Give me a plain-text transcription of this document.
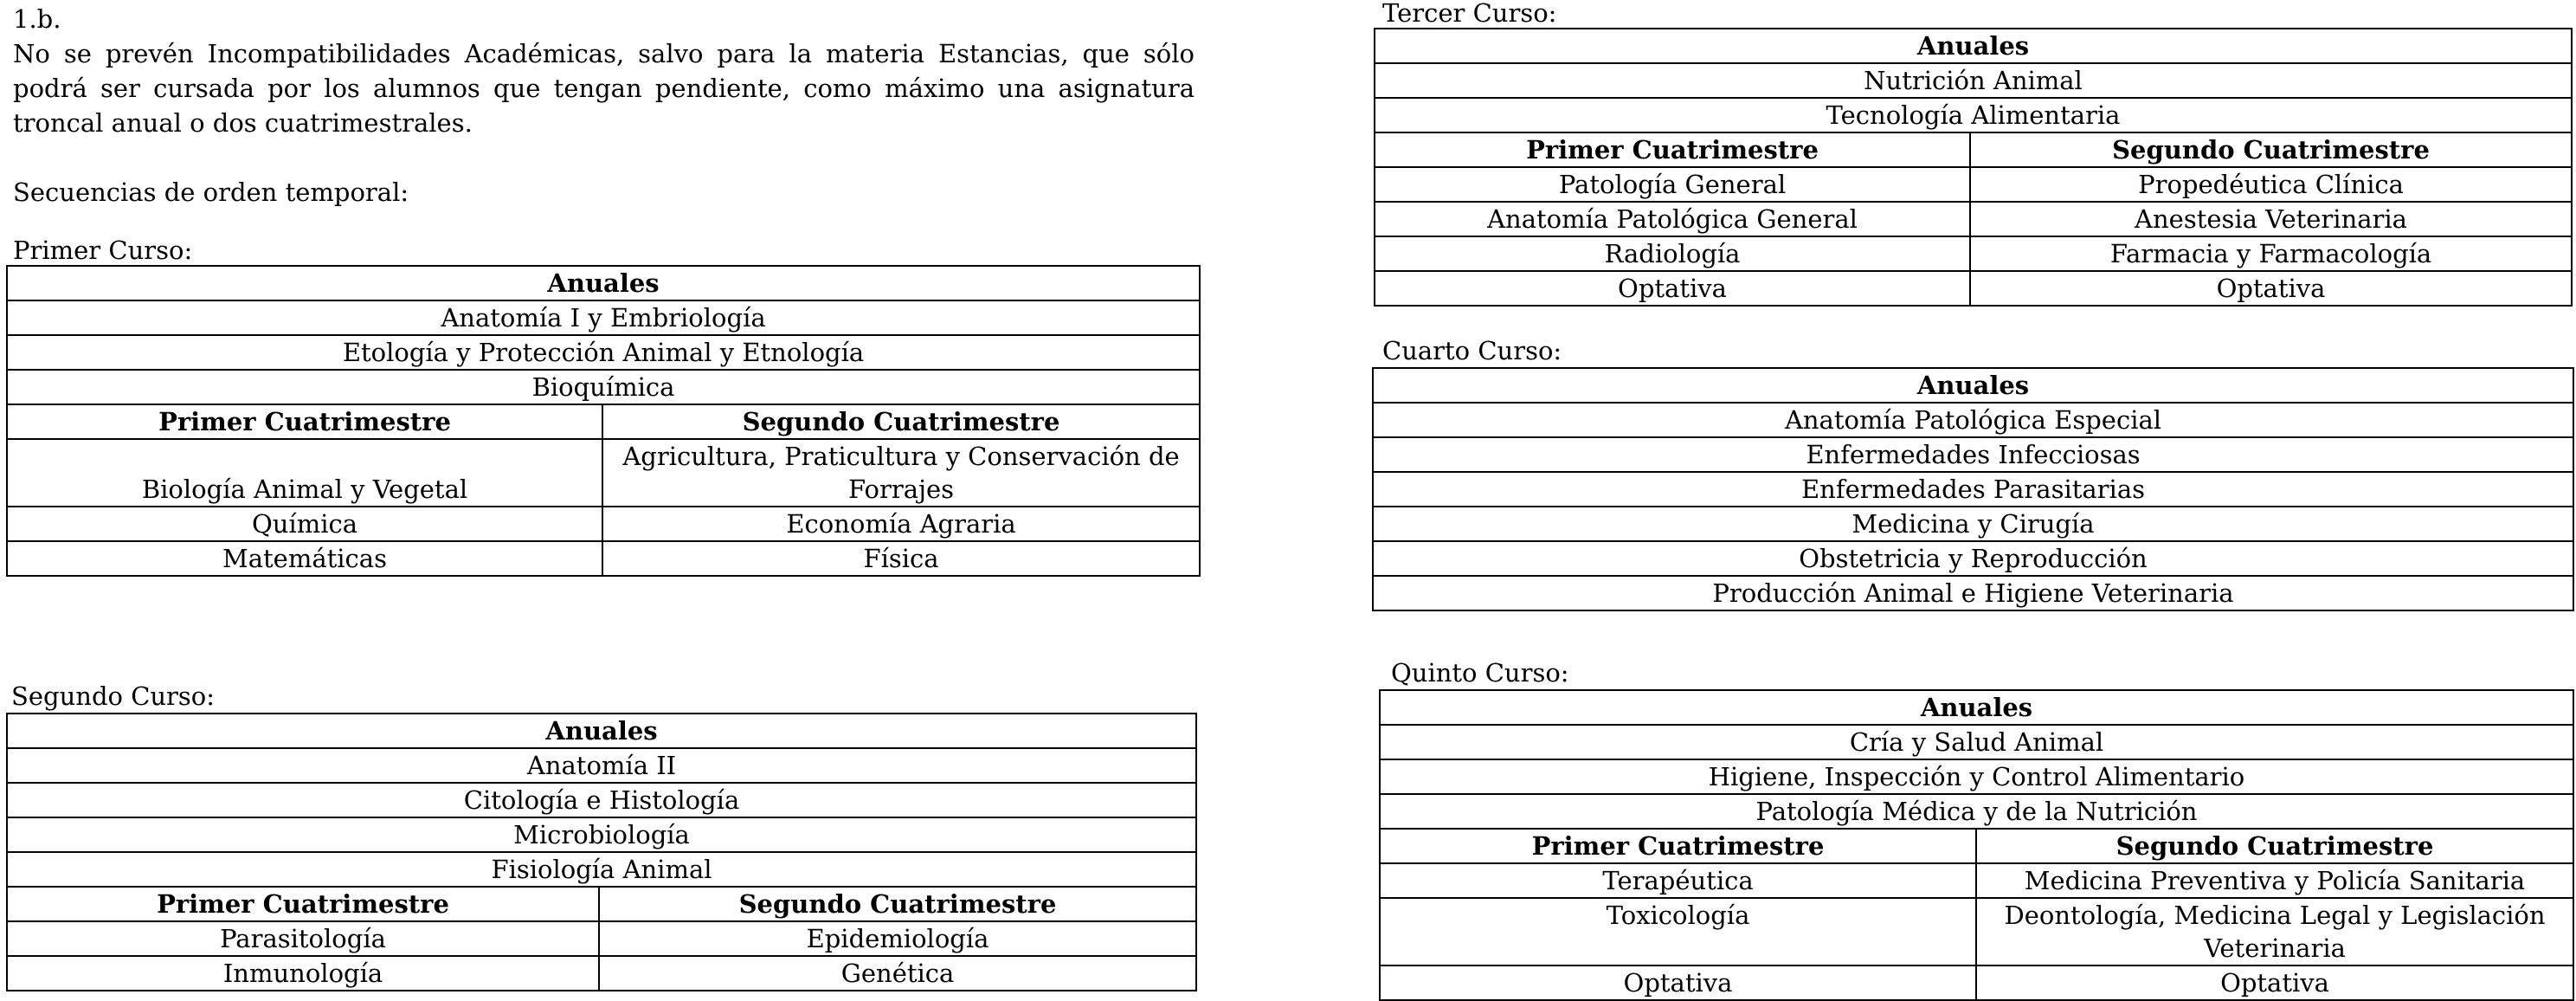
1.b.

No se prevén Incompatibilidades Académicas, salvo para la materia Estancias, que sólo podrá ser cursada por los alumnos que tengan pendiente, como máximo una asignatura troncal anual o dos cuatrimestrales.

Secuencias de orden temporal:

Primer Curso:
Anuales	
Anatomía I y Embriología	
Etología y Protección Animal y Etnología	
Bioquímica	
Primer Cuatrimestre	Segundo Cuatrimestre
Biología Animal y Vegetal	Agricultura, Praticultura y Conservación de Forrajes
Química	Economía Agraria
Matemáticas	Física
Segundo Curso:
Anuales	
Anatomía II	
Citología e Histología	
Microbiología	
Fisiología Animal	
Primer Cuatrimestre	Segundo Cuatrimestre
Parasitología	Epidemiología
Inmunología	Genética
Tercer Curso:
Anuales	
Nutrición Animal	
Tecnología Alimentaria	
Primer Cuatrimestre	Segundo Cuatrimestre
Patología General	Propedéutica Clínica
Anatomía Patológica General	Anestesia Veterinaria
Radiología	Farmacia y Farmacología
Optativa	Optativa
Cuarto Curso:
Anuales
Anatomía Patológica Especial
Enfermedades Infecciosas
Enfermedades Parasitarias
Medicina y Cirugía
Obstetricia y Reproducción
Producción Animal e Higiene Veterinaria
Quinto Curso:
Anuales	
Cría y Salud Animal	
Higiene, Inspección y Control Alimentario	
Patología Médica y de la Nutrición	
Primer Cuatrimestre	Segundo Cuatrimestre
Terapéutica	Medicina Preventiva y Policía Sanitaria
Toxicología	Deontología, Medicina Legal y Legislación Veterinaria
Optativa	Optativa
